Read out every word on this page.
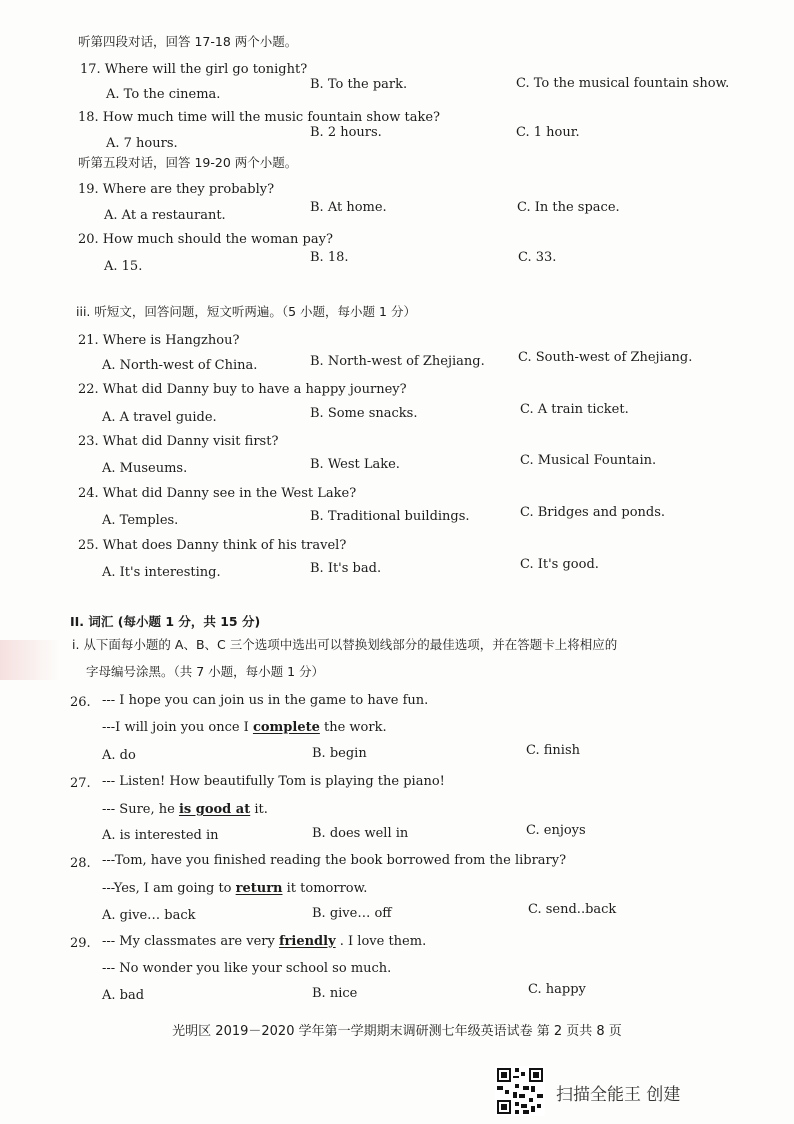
听第四段对话，回答 17-18 两个小题。
17. Where will the girl go tonight?
A. To the cinema.
B. To the park.	C. To the musical fountain show.
18. How much time will the music fountain show take?
A. 7 hours.
B. 2 hours.	C. 1 hour.
听第五段对话，回答 19-20 两个小题。
19. Where are they probably?
A. At a restaurant.
B. At home.	C. In the space.
20. How much should the woman pay?
A. 15.
B. 18.	C. 33.
iii. 听短文，回答问题，短文听两遍。（5 小题，每小题 1 分）
21. Where is Hangzhou?
A. North-west of China.	B. North-west of Zhejiang.	C. South-west of Zhejiang.
22. What did Danny buy to have a happy journey?
A. A travel guide.	B. Some snacks.	C. A train ticket.
23. What did Danny visit first?
A. Museums.	B. West Lake.	C. Musical Fountain.
24. What did Danny see in the West Lake?
A. Temples.	B. Traditional buildings.	C. Bridges and ponds.
25. What does Danny think of his travel?
A. It's interesting.	B. It's bad.	C. It's good.
II. 词汇 (每小题 1 分，共 15 分)
i. 从下面每小题的 A、B、C 三个选项中选出可以替换划线部分的最佳选项，并在答题卡上将相应的
字母编号涂黑。（共 7 小题，每小题 1 分）
26. --- I hope you can join us in the game to have fun.
---I will join you once I complete the work.
A. do	B. begin	C. finish
27. --- Listen! How beautifully Tom is playing the piano!
--- Sure, he is good at it.
A. is interested in	B. does well in	C. enjoys
28. ---Tom, have you finished reading the book borrowed from the library?
---Yes, I am going to return it tomorrow.
A. give… back	B. give… off	C. send..back
29. --- My classmates are very friendly . I love them.
--- No wonder you like your school so much.
A. bad	B. nice	C. happy
光明区 2019－2020 学年第一学期期末调研测七年级英语试卷 第 2 页共 8 页
扫描全能王 创建
